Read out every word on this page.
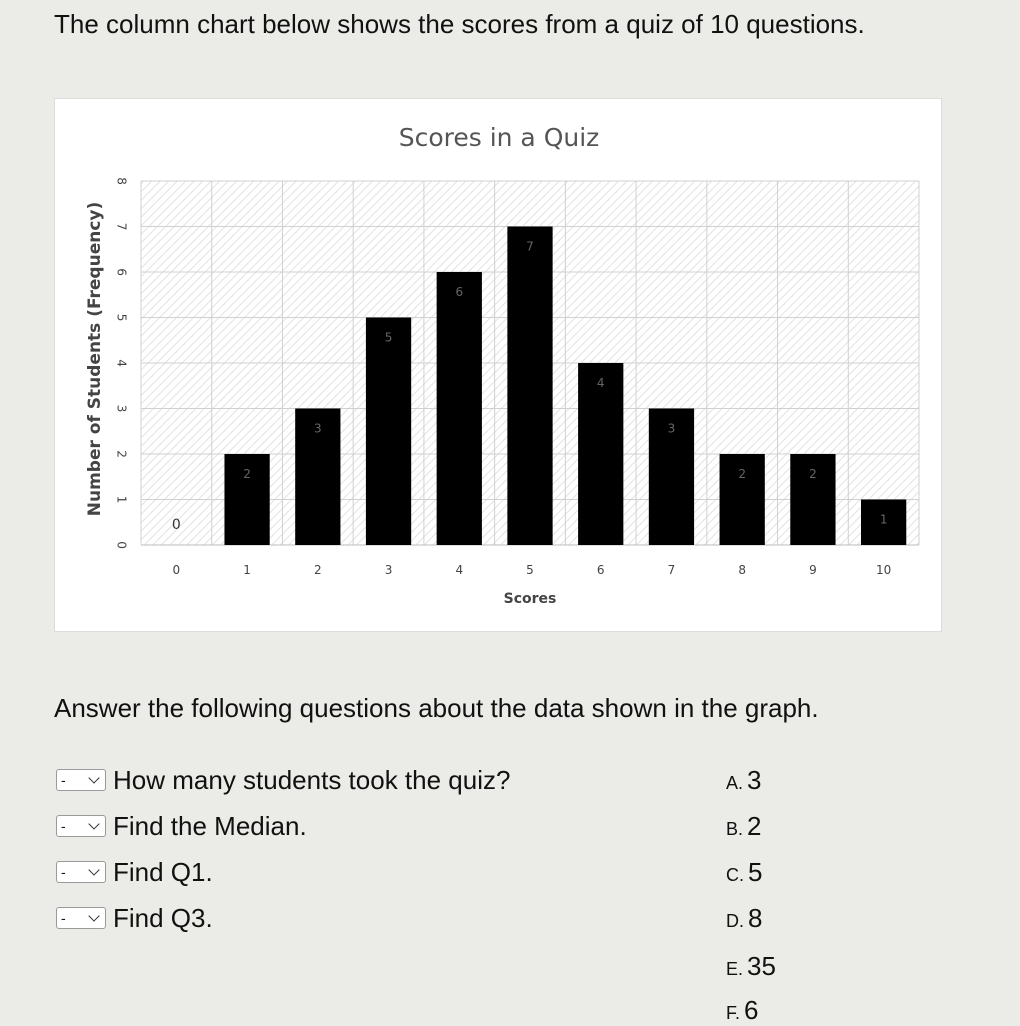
The column chart below shows the scores from a quiz of 10 questions.
0
1
2
3
4
5
6
7
8
0
0
2
1
3
2
5
3
6
4
7
5
4
6
3
7
2
8
2
9
1
10
Scores in a Quiz
Scores
Number of Students (Frequency)
Answer the following questions about the data shown in the graph.
-	How many students took the quiz?
-	Find the Median.
-	Find Q1.
-	Find Q3.
A. 3
B. 2
C. 5
D. 8
E. 35
F. 6
